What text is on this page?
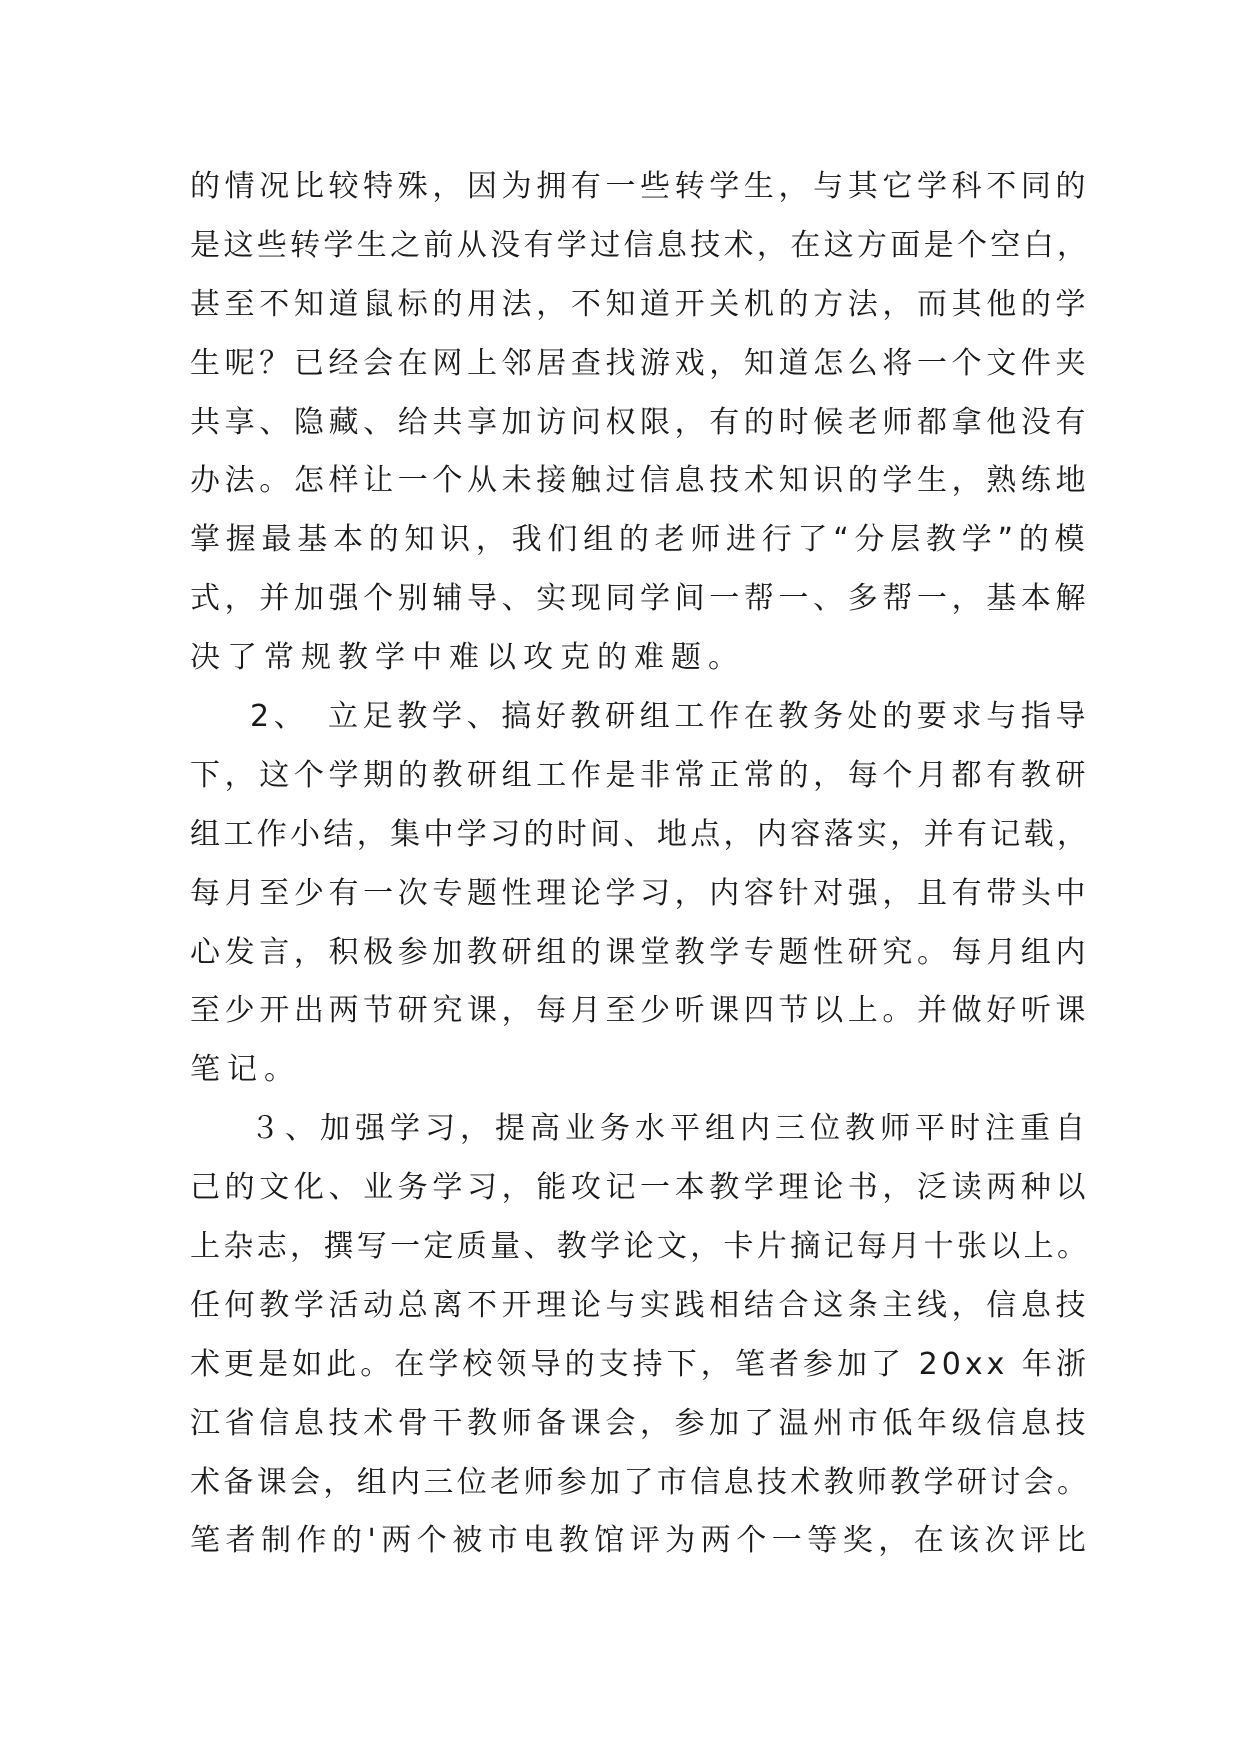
的情况比较特殊，因为拥有一些转学生，与其它学科不同的
是这些转学生之前从没有学过信息技术，在这方面是个空白，
甚至不知道鼠标的用法，不知道开关机的方法，而其他的学
生呢？已经会在网上邻居查找游戏，知道怎么将一个文件夹
共享、隐藏、给共享加访问权限，有的时候老师都拿他没有
办法。怎样让一个从未接触过信息技术知识的学生，熟练地
掌握最基本的知识，我们组的老师进行了“分层教学”的模
式，并加强个别辅导、实现同学间一帮一、多帮一，基本解
决了常规教学中难以攻克的难题。
2、　立足教学、搞好教研组工作在教务处的要求与指导
下，这个学期的教研组工作是非常正常的，每个月都有教研
组工作小结，集中学习的时间、地点，内容落实，并有记载，
每月至少有一次专题性理论学习，内容针对强，且有带头中
心发言，积极参加教研组的课堂教学专题性研究。每月组内
至少开出两节研究课，每月至少听课四节以上。并做好听课
笔记。
３、加强学习，提高业务水平组内三位教师平时注重自
己的文化、业务学习，能攻记一本教学理论书，泛读两种以
上杂志，撰写一定质量、教学论文，卡片摘记每月十张以上。
任何教学活动总离不开理论与实践相结合这条主线，信息技
术更是如此。在学校领导的支持下，笔者参加了 20xx 年浙
江省信息技术骨干教师备课会，参加了温州市低年级信息技
术备课会，组内三位老师参加了市信息技术教师教学研讨会。
笔者制作的'两个被市电教馆评为两个一等奖，在该次评比
